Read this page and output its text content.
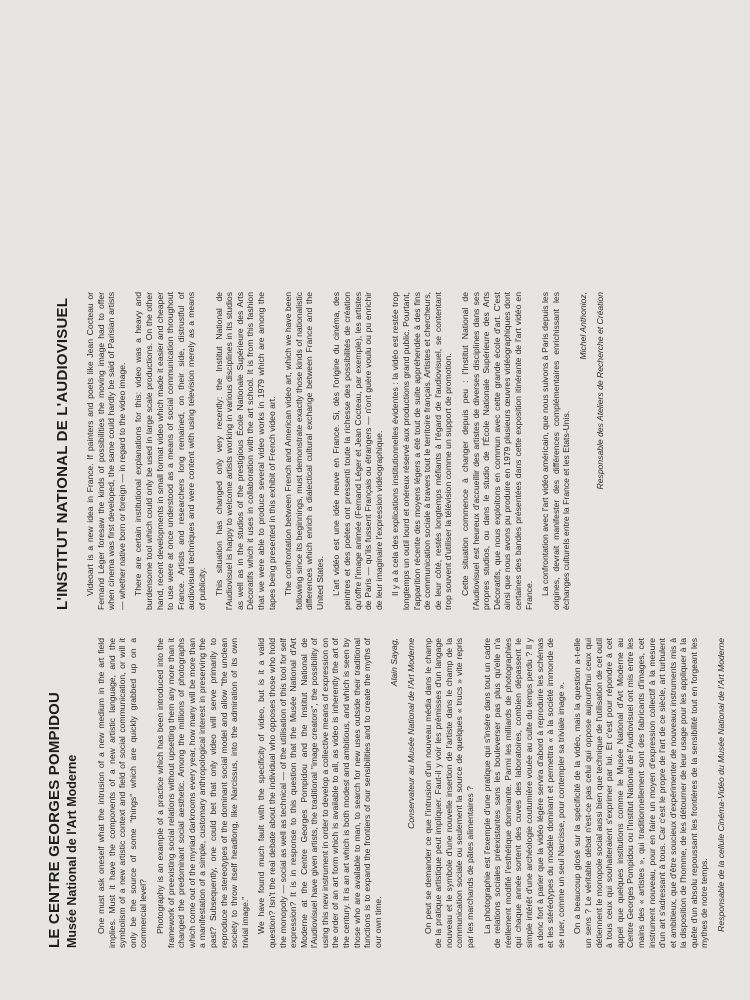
LE CENTRE GEORGES POMPIDOU Musée National de l'Art Moderne One must ask oneself what the intrusion of a new medium in the art field implies. Must it have the components of a new artistic language, and the symbolism of a new artistic context and field of social communication, or will it only be the source of some "things" which are quickly grabbed up on a commercial level? Photography is an example of a practice which has been introduced into the framework of preexisting social relations without upsetting them any more than it changed the predominant social aesthetic. Among the millions of photographs which come out of the myriad darkrooms every year, how many will be more than a manifestation of a simple, customary anthropological interest in preserving the past? Subsequently, one could bet that only video will serve primarily to reproduce the stereotypes of the dominant social model and allow "the unclean society to throw itself headlong, like Narcissus, into the admiration of its own trivial image." We have found much fault with the specificity of video, but is it a valid question? Isn't the real debate about the individual who opposes those who hold the monopoly — social as well as technical — of the utilisation of this tool for self expression? It is in response to this question that the Musée National d'Art Moderne at the Centre Georges Pompidou and the Institut National de l'Audiovisuel have given artists, the traditional "image creators", the possibility of using this new instrument in order to develop a collective means of expression on the order of an art form which is available to all, as video is inherently the art of the century. It is an art which is both modest and ambitious, and which is seen by those who are available to man, to search for new uses outside their traditional functions is to expand the frontiers of our sensibilities and to create the myths of our own time.

Alain Sayag, Conservateur au Musée National de l'Art Moderne On peut se demander ce que l'intrusion d'un nouveau média dans le champ de la pratique artistique peut impliquer. Faut-il y voir les prémisses d'un langage nouveau et le symbole d'une nouvelle insertion de l'artiste dans le champ de la communication sociale ou seulement la source de quelques « trucs » vite repris par les marchands de pâtes alimentaires ? La photographie est l'exemple d'une pratique qui s'insère dans tout un cadre de relations sociales préexistantes sans les bouleverser pas plus qu'elle n'a réellement modifié l'esthétique dominante. Parmi les milliards de photographies qui chaque année sortent des cuves des laboratoires, combien dépassent le simple intérêt d'une archéologie coutumière vouée au culte du temps perdu ? Il y a donc fort à parier que la vidéo légère servira d'abord à reproduire les schémas et les stéréotypes du modèle dominant et permettra « à la société immonde de se ruer, comme un seul Narcisse, pour contempler sa triviale image ». On a beaucoup glosé sur la spécificité de la vidéo, mais la question a-t-elle un sens ? Le véritable débat n'est-ce pas celui qui oppose aujourd'hui ceux qui détiennent le monopole social aussi bien que technique de l'utilisation de cet outil à tous ceux qui souhaiteraient s'exprimer par lui. Et c'est pour répondre à cet appel que quelques institutions comme le Musée National d'Art Moderne au Centre Georges Pompidou ou l'Institut National de l'Audiovisuel ont mis entre les mains des « artistes », qui traditionnellement sont des fabricants d'images, cet instrument nouveau, pour en faire un moyen d'expression collectif à la mesure d'un art s'adressant à tous. Car c'est le propre de l'art de ce siècle, art turbulent et ambitieux, que d'être soucieux d'expérimenter de nouveaux instruments mis à la disposition de l'homme, de les détourner de leur usage pour les appliquer à la quête d'un absolu repoussant les frontières de la sensibilité tout en forgeant les mythes de notre temps. Responsable de la cellule Cinéma-Vidéo du Musée National de l'Art Moderne

L'INSTITUT NATIONAL DE L'AUDIOVISUEL Videoart is a new idea in France. If painters and poets like Jean Cocteau or Fernand Léger foresaw the kinds of possibilities the moving image had to offer when cinema was first developed, the same could hardly be said of Parisian artists — whether native born or foreign — in regard to the video image. There are certain institutional explanations for this: video was a heavy and burdensome tool which could only be used in large scale productions. On the other hand, recent developments in small format video which made it easier and cheaper to use were at once understood as a means of social communication throughout France. Artists and researchers long remained, on their side, distrustful of audiovisual techniques and were content with using television merely as a means of publicity. This situation has changed only very recently: the Institut National de l'Audiovisuel is happy to welcome artists working in various disciplines in its studios as well as in the studios of the prestigious École Nationale Supérieure des Arts Décoratifs which it uses in collaboration with the art school. It is from this fashion that we were able to produce several video works in 1979 which are among the tapes being presented in this exhibit of French video art. The confrontation between French and American video art, which we have been following since its beginnings, must demonstrate exactly those kinds of nationalistic differences which enrich a dialectical cultural exchange between France and the United States. L'art vidéo est une idée neuve en France. Si, dès l'origine du cinéma, des peintres et des poètes ont pressenti toute la richesse des possibilités de création qu'offre l'image animée (Fernand Léger et Jean Cocteau, par exemple), les artistes de Paris — qu'ils fussent Français ou étrangers — n'ont guère voulu ou pu enrichir de leur imaginaire l'expression vidéographique. Il y a à cela des explications institutionnelles évidentes : la vidéo est restée trop longtemps un outil lourd et onéreux réservé aux productions grand public. Pourtant, l'apparition récente des moyens légers a été tout de suite appréhendée à des fins de communication sociale à travers tout le territoire français. Artistes et chercheurs, de leur côté, restés longtemps méfiants à l'égard de l'audiovisuel, se contentant trop souvent d'utiliser la télévision comme un support de promotion. Cette situation commence à changer depuis peu : l'Institut National de l'Audiovisuel est heureux d'accueillir des artistes de diverses disciplines dans ses propres studios, ou dans le studio de l'École Nationale Supérieure des Arts Décoratifs, que nous exploitons en commun avec cette grande école d'art. C'est ainsi que nous avons pu produire en 1979 plusieurs œuvres vidéographiques dont certaines des bandes présentées dans cette exposition itinérante de l'art vidéo en France. La confrontation avec l'art vidéo américain, que nous suivons à Paris depuis les origines, devrait manifester des différences complémentaires enrichissant les échanges culturels entre la France et les Etats-Unis.

Michel Anthonioz, Responsable des Ateliers de Recherche et Création
